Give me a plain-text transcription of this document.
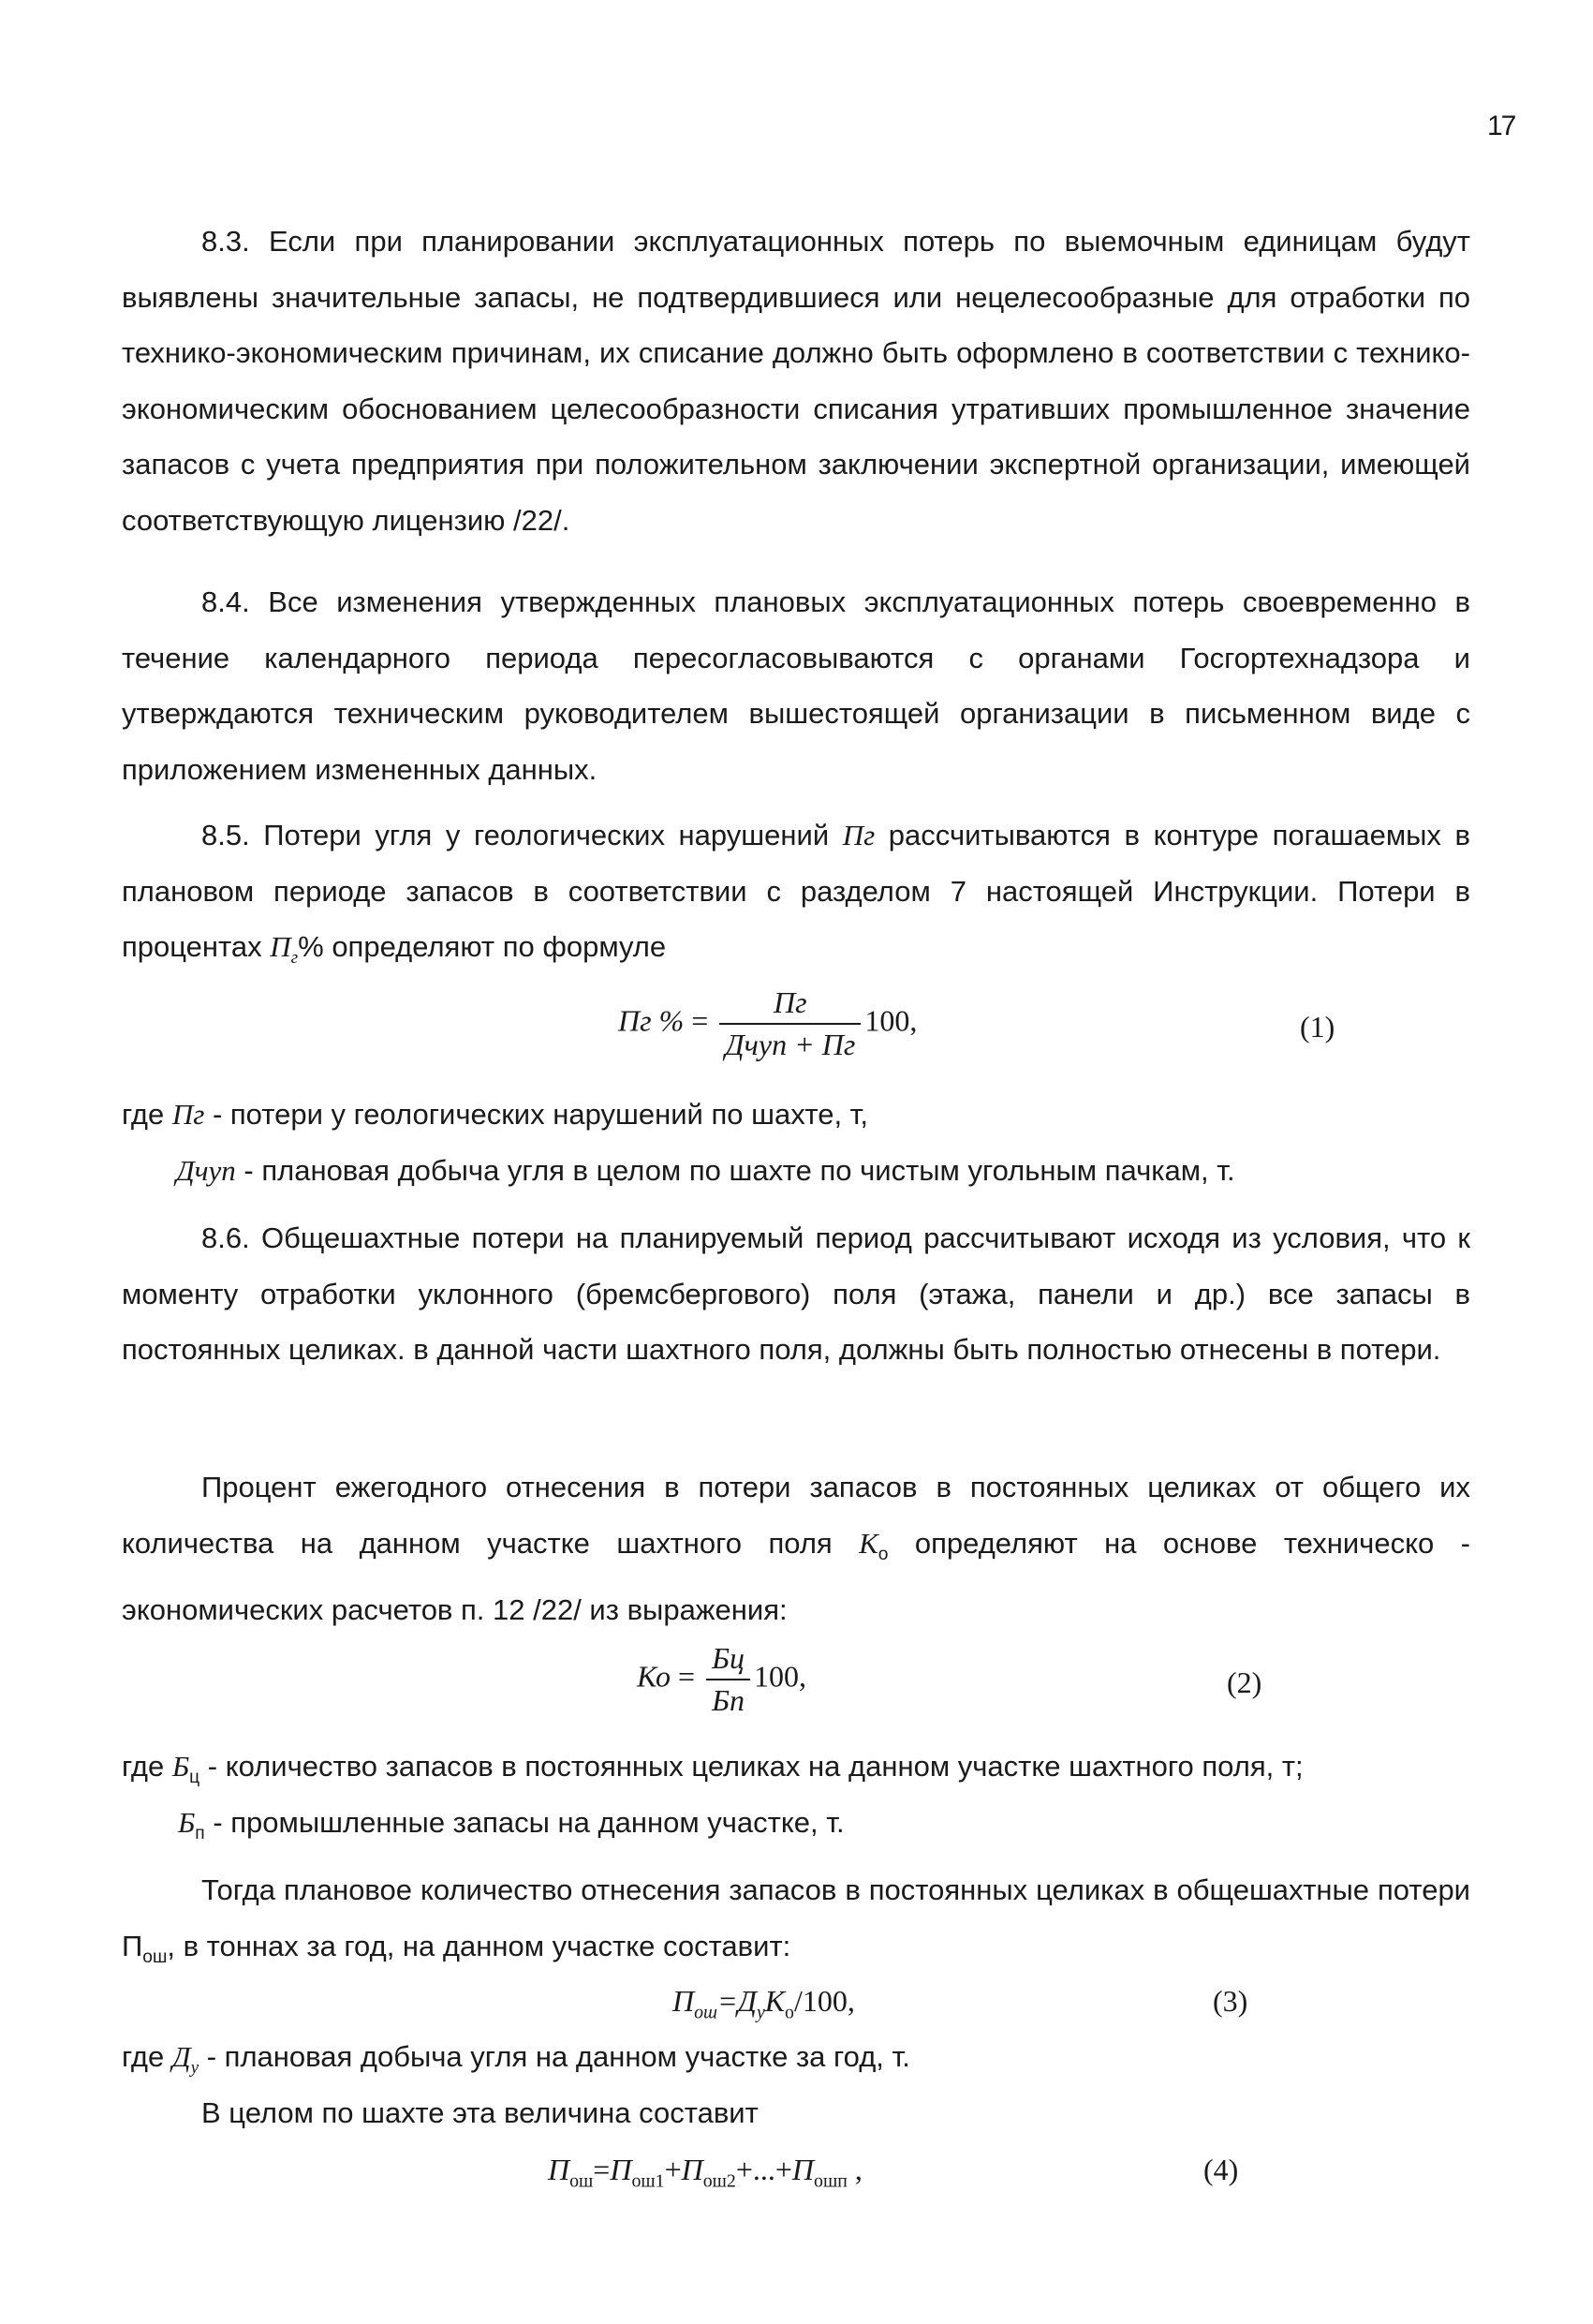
17

8.3. Если при планировании эксплуатационных потерь по выемочным единицам будут выявлены значительные запасы, не подтвердившиеся или нецелесообразные для отработки по технико-экономическим причинам, их списание должно быть оформлено в соответствии с технико-экономическим обоснованием целесообразности списания утративших промышленное значение запасов с учета предприятия при положительном заключении экспертной организации, имеющей соответствующую лицензию /22/.

8.4. Все изменения утвержденных плановых эксплуатационных потерь своевременно в течение календарного периода пересогласовываются с органами Госгортехнадзора и утверждаются техническим руководителем вышестоящей организации в письменном виде с приложением измененных данных.

8.5. Потери угля у геологических нарушений Пг рассчитываются в контуре погашаемых в плановом периоде запасов в соответствии с разделом 7 настоящей Инструкции. Потери в процентах $П_г\%$ определяют по формуле

Пг % = $\frac{Пг}{\text{Дчуп + Пг}} 100$,	(1)
где Пг - потери у геологических нарушений по шахте, т,
Дчуп - плановая добыча угля в целом по шахте по чистым угольным пачкам, т.

8.6. Общешахтные потери на планируемый период рассчитывают исходя из условия, что к моменту отработки уклонного (бремсбергового) поля (этажа, панели и др.) все запасы в постоянных целиках. в данной части шахтного поля, должны быть полностью отнесены в потери.

Процент ежегодного отнесения в потери запасов в постоянных целиках от общего их количества на данном участке шахтного поля $К_о$ определяют на основе техническо - экономических расчетов п. 12 /22/ из выражения:

Ко = $\frac{Бц}{Бп} 100$,	(2)
где $Б_ц$ - количество запасов в постоянных целиках на данном участке шахтного поля, т;
$Б_п$ - промышленные запасы на данном участке, т.

Тогда плановое количество отнесения запасов в постоянных целиках в общешахтные потери $П_{ош}$, в тоннах за год, на данном участке составит:

$П_{ош}=Д_уК_о/100$,	(3)
где $Д_у$ - плановая добыча угля на данном участке за год, т.
В целом по шахте эта величина составит
$П_{ош}=П_{ош1}+П_{ош2}+...+П_{ошп}$ ,	(4)
